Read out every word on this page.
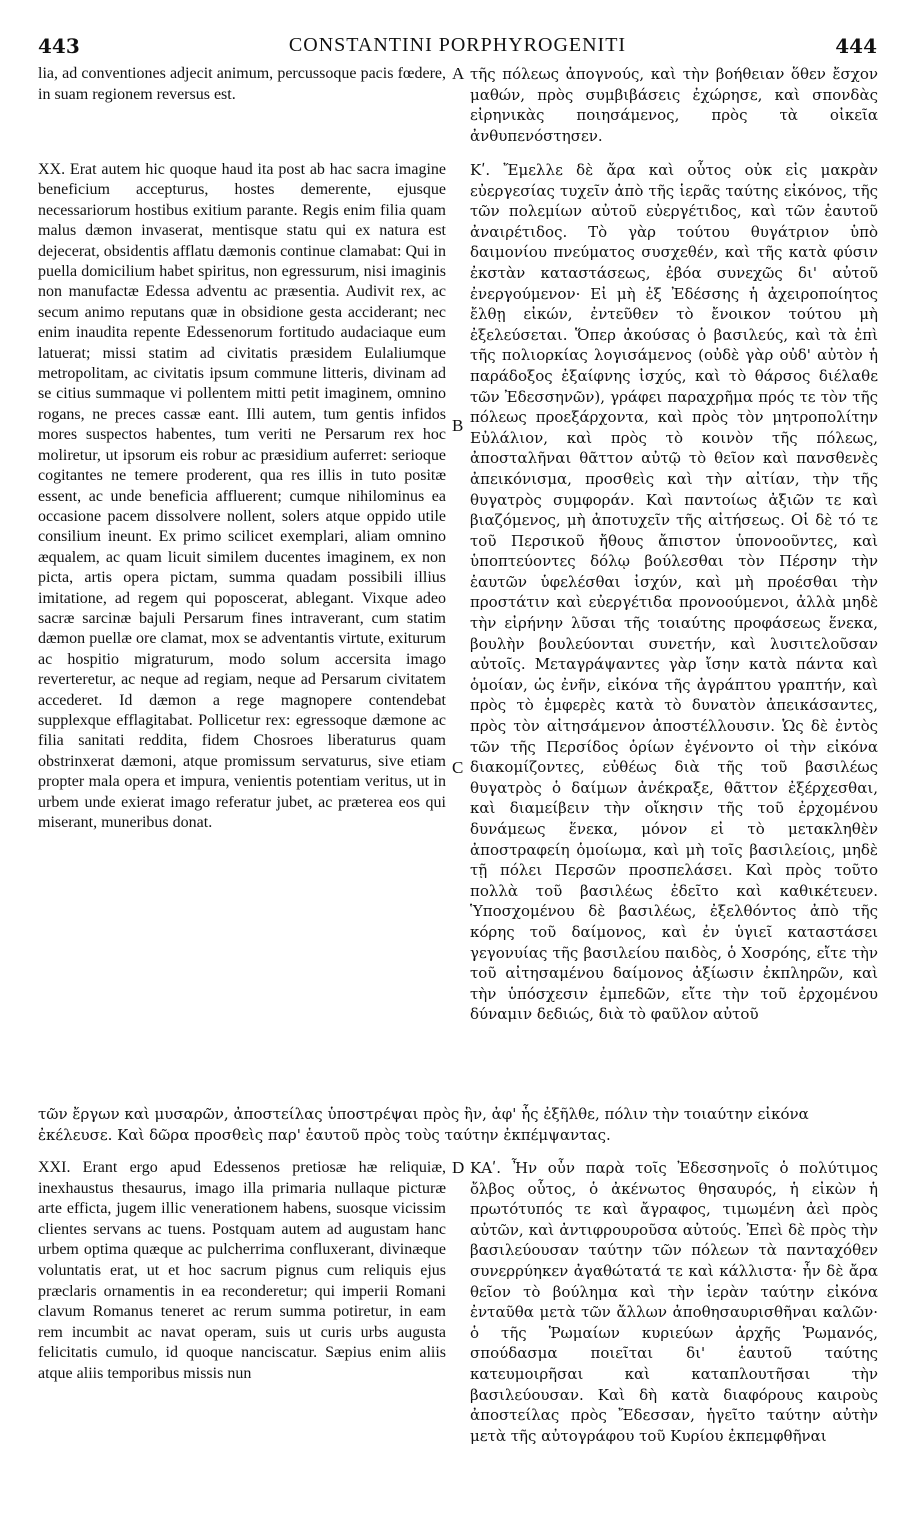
443	CONSTANTINI PORPHYROGENITI	444
A
B
C
D

lia, ad conventiones adjecit animum, percussoque pacis fœdere, in suam regionem reversus est.

XX. Erat autem hic quoque haud ita post ab hac sacra imagine beneficium accepturus, hostes demerente, ejusque necessariorum hostibus exitium parante. Regis enim filia quam malus dæmon invaserat, mentisque statu qui ex natura est dejecerat, obsidentis afflatu dæmonis continue clamabat: Qui in puella domicilium habet spiritus, non egressurum, nisi imaginis non manufactæ Edessa adventu ac præsentia. Audivit rex, ac secum animo reputans quæ in obsidione gesta acciderant; nec enim inaudita repente Edessenorum fortitudo audaciaque eum latuerat; missi statim ad civitatis præsidem Eulaliumque metropolitam, ac civitatis ipsum commune litteris, divinam ad se citius summaque vi pollentem mitti petit imaginem, omnino rogans, ne preces cassæ eant. Illi autem, tum gentis infidos mores suspectos habentes, tum veriti ne Persarum rex hoc moliretur, ut ipsorum eis robur ac præsidium auferret: serioque cogitantes ne temere proderent, qua res illis in tuto positæ essent, ac unde beneficia affluerent; cumque nihilominus ea occasione pacem dissolvere nollent, solers atque oppido utile consilium ineunt. Ex primo scilicet exemplari, aliam omnino æqualem, ac quam licuit similem ducentes imaginem, ex non picta, artis opera pictam, summa quadam possibili illius imitatione, ad regem qui poposcerat, ablegant. Vixque adeo sacræ sarcinæ bajuli Persarum fines intraverant, cum statim dæmon puellæ ore clamat, mox se adventantis virtute, exiturum ac hospitio migraturum, modo solum accersita imago reverteretur, ac neque ad regiam, neque ad Persarum civitatem accederet. Id dæmon a rege magnopere contendebat supplexque efflagitabat. Pollicetur rex: egressoque dæmone ac filia sanitati reddita, fidem Chosroes liberaturus quam obstrinxerat dæmoni, atque promissum servaturus, sive etiam propter mala opera et impura, venientis potentiam veritus, ut in urbem unde exierat imago referatur jubet, ac præterea eos qui miserant, muneribus donat.

τῆς πόλεως ἀπογνούς, καὶ τὴν βοήθειαν ὅθεν ἔσχον μαθών, πρὸς συμβιβάσεις ἐχώρησε, καὶ σπονδὰς εἰρηνικὰς ποιησάμενος, πρὸς τὰ οἰκεῖα ἀνθυπενόστησεν.

Κʹ. Ἔμελλε δὲ ἄρα καὶ οὗτος οὐκ εἰς μακρὰν εὐεργεσίας τυχεῖν ἀπὸ τῆς ἱερᾶς ταύτης εἰκόνος, τῆς τῶν πολεμίων αὐτοῦ εὐεργέτιδος, καὶ τῶν ἑαυτοῦ ἀναιρέτιδος. Τὸ γὰρ τούτου θυγάτριον ὑπὸ δαιμονίου πνεύματος συσχεθέν, καὶ τῆς κατὰ φύσιν ἐκστὰν καταστάσεως, ἐβόα συνεχῶς δι' αὐτοῦ ἐνεργούμενον· Εἰ μὴ ἐξ Ἐδέσσης ἡ ἀχειροποίητος ἔλθῃ εἰκών, ἐντεῦθεν τὸ ἔνοικον τούτου μὴ ἐξελεύσεται. Ὅπερ ἀκούσας ὁ βασιλεύς, καὶ τὰ ἐπὶ τῆς πολιορκίας λογισάμενος (οὐδὲ γὰρ οὐδ' αὐτὸν ἡ παράδοξος ἐξαίφνης ἰσχύς, καὶ τὸ θάρσος διέλαθε τῶν Ἐδεσσηνῶν), γράφει παραχρῆμα πρός τε τὸν τῆς πόλεως προεξάρχοντα, καὶ πρὸς τὸν μητροπολίτην Εὐλάλιον, καὶ πρὸς τὸ κοινὸν τῆς πόλεως, ἀποσταλῆναι θᾶττον αὐτῷ τὸ θεῖον καὶ πανσθενὲς ἀπεικόνισμα, προσθεὶς καὶ τὴν αἰτίαν, τὴν τῆς θυγατρὸς συμφοράν. Καὶ παντοίως ἀξιῶν τε καὶ βιαζόμενος, μὴ ἀποτυχεῖν τῆς αἰτήσεως. Οἱ δὲ τό τε τοῦ Περσικοῦ ἤθους ἄπιστον ὑπονοοῦντες, καὶ ὑποπτεύοντες δόλῳ βούλεσθαι τὸν Πέρσην τὴν ἑαυτῶν ὑφελέσθαι ἰσχύν, καὶ μὴ προέσθαι τὴν προστάτιν καὶ εὐεργέτιδα προνοούμενοι, ἀλλὰ μηδὲ τὴν εἰρήνην λῦσαι τῆς τοιαύτης προφάσεως ἕνεκα, βουλὴν βουλεύονται συνετήν, καὶ λυσιτελοῦσαν αὐτοῖς. Μεταγράψαντες γὰρ ἴσην κατὰ πάντα καὶ ὁμοίαν, ὡς ἐνῆν, εἰκόνα τῆς ἀγράπτου γραπτήν, καὶ πρὸς τὸ ἐμφερὲς κατὰ τὸ δυνατὸν ἀπεικάσαντες, πρὸς τὸν αἰτησάμενον ἀποστέλλουσιν. Ὡς δὲ ἐντὸς τῶν τῆς Περσίδος ὁρίων ἐγένοντο οἱ τὴν εἰκόνα διακομίζοντες, εὐθέως διὰ τῆς τοῦ βασιλέως θυγατρὸς ὁ δαίμων ἀνέκραξε, θᾶττον ἐξέρχεσθαι, καὶ διαμείβειν τὴν οἴκησιν τῆς τοῦ ἐρχομένου δυνάμεως ἕνεκα, μόνον εἰ τὸ μετακληθὲν ἀποστραφείη ὁμοίωμα, καὶ μὴ τοῖς βασιλείοις, μηδὲ τῇ πόλει Περσῶν προσπελάσει. Καὶ πρὸς τοῦτο πολλὰ τοῦ βασιλέως ἐδεῖτο καὶ καθικέτευεν. Ὑποσχομένου δὲ βασιλέως, ἐξελθόντος ἀπὸ τῆς κόρης τοῦ δαίμονος, καὶ ἐν ὑγιεῖ καταστάσει γεγονυίας τῆς βασιλείου παιδὸς, ὁ Χοσρόης, εἴτε τὴν τοῦ αἰτησαμένου δαίμονος ἀξίωσιν ἐκπληρῶν, καὶ τὴν ὑπόσχεσιν ἐμπεδῶν, εἴτε τὴν τοῦ ἐρχομένου δύναμιν δεδιώς, διὰ τὸ φαῦλον αὐτοῦ

τῶν ἔργων καὶ μυσαρῶν, ἀποστείλας ὑποστρέψαι πρὸς ἣν, ἀφ' ἧς ἐξῆλθε, πόλιν τὴν τοιαύτην εἰκόνα ἐκέλευσε. Καὶ δῶρα προσθεὶς παρ' ἑαυτοῦ πρὸς τοὺς ταύτην ἐκπέμψαντας.

XXI. Erant ergo apud Edessenos pretiosæ hæ reliquiæ, inexhaustus thesaurus, imago illa primaria nullaque picturæ arte efficta, jugem illic venerationem habens, suosque vicissim clientes servans ac tuens. Postquam autem ad augustam hanc urbem optima quæque ac pulcherrima confluxerant, divinæque voluntatis erat, ut et hoc sacrum pignus cum reliquis ejus præclaris ornamentis in ea reconderetur; qui imperii Romani clavum Romanus teneret ac rerum summa potiretur, in eam rem incumbit ac navat operam, suis ut curis urbs augusta felicitatis cumulo, id quoque nanciscatur. Sæpius enim aliis atque aliis temporibus missis nun

ΚΑʹ. Ἦν οὖν παρὰ τοῖς Ἐδεσσηνοῖς ὁ πολύτιμος ὄλβος οὗτος, ὁ ἀκένωτος θησαυρός, ἡ εἰκὼν ἡ πρωτότυπός τε καὶ ἄγραφος, τιμωμένη ἀεὶ πρὸς αὐτῶν, καὶ ἀντιφρουροῦσα αὐτούς. Ἐπεὶ δὲ πρὸς τὴν βασιλεύουσαν ταύτην τῶν πόλεων τὰ πανταχόθεν συνερρύηκεν ἀγαθώτατά τε καὶ κάλλιστα· ἦν δὲ ἄρα θεῖον τὸ βούλημα καὶ τὴν ἱερὰν ταύτην εἰκόνα ἐνταῦθα μετὰ τῶν ἄλλων ἀποθησαυρισθῆναι καλῶν· ὁ τῆς Ῥωμαίων κυριεύων ἀρχῆς Ῥωμανός, σπούδασμα ποιεῖται δι' ἑαυτοῦ ταύτης κατευμοιρῆσαι καὶ καταπλουτῆσαι τὴν βασιλεύουσαν. Καὶ δὴ κατὰ διαφόρους καιροὺς ἀποστείλας πρὸς Ἔδεσσαν, ἡγεῖτο ταύτην αὐτὴν μετὰ τῆς αὐτογράφου τοῦ Κυρίου ἐκπεμφθῆναι
